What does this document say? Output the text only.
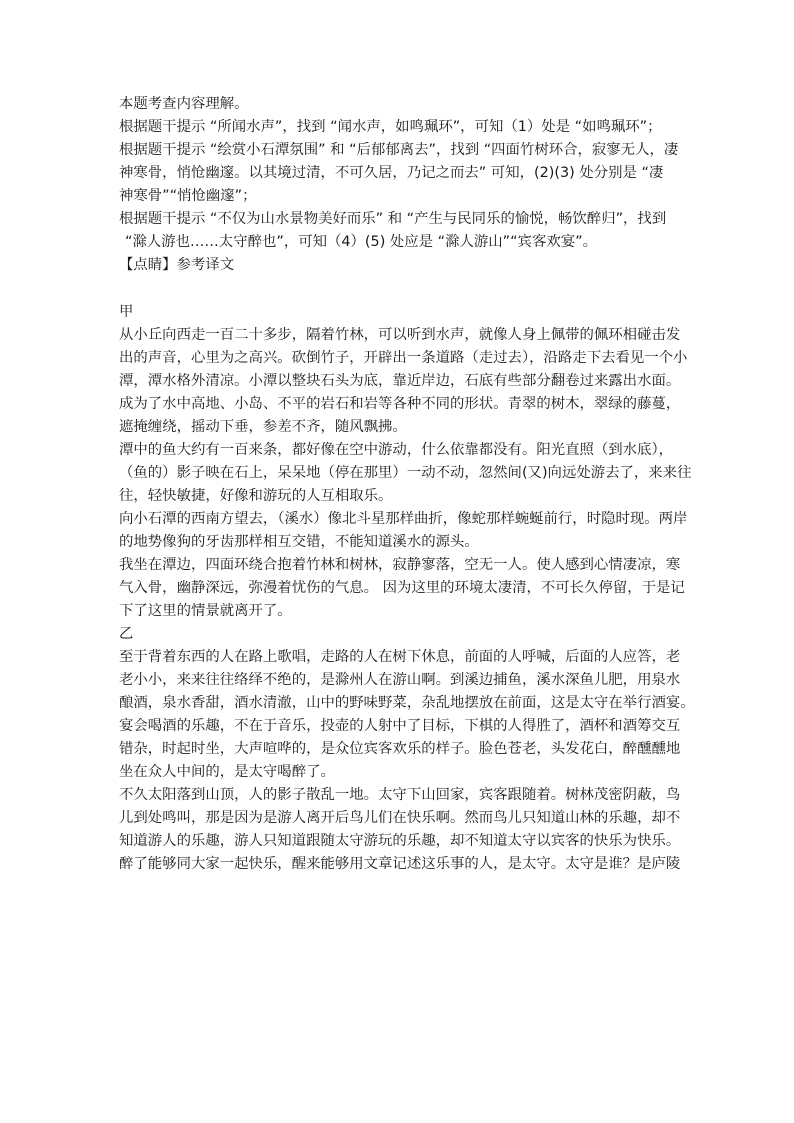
本题考查内容理解。
根据题干提示 “所闻水声”，找到 “闻水声，如鸣珮环”，可知（1）处是 “如鸣珮环”；
根据题干提示 “绘赏小石潭氛围” 和 “后郁郁离去”，找到 “四面竹树环合，寂寥无人，凄
神寒骨，悄怆幽邃。以其境过清，不可久居，乃记之而去” 可知，(2)(3) 处分别是 “凄
神寒骨”“悄怆幽邃”；
根据题干提示 “不仅为山水景物美好而乐” 和 “产生与民同乐的愉悦，畅饮醉归”，找到
“滁人游也……太守醉也”，可知（4）(5) 处应是 “滁人游山”“宾客欢宴”。
【点睛】参考译文
甲
从小丘向西走一百二十多步，隔着竹林，可以听到水声，就像人身上佩带的佩环相碰击发
出的声音，心里为之高兴。砍倒竹子，开辟出一条道路（走过去），沿路走下去看见一个小
潭，潭水格外清凉。小潭以整块石头为底，靠近岸边，石底有些部分翻卷过来露出水面。
成为了水中高地、小岛、不平的岩石和岩等各种不同的形状。青翠的树木，翠绿的藤蔓，
遮掩缠绕，摇动下垂，参差不齐，随风飘拂。
潭中的鱼大约有一百来条，都好像在空中游动，什么依靠都没有。阳光直照（到水底），
（鱼的）影子映在石上，呆呆地（停在那里）一动不动，忽然间(又)向远处游去了，来来往
往，轻快敏捷，好像和游玩的人互相取乐。
向小石潭的西南方望去，（溪水）像北斗星那样曲折，像蛇那样蜿蜒前行，时隐时现。两岸
的地势像狗的牙齿那样相互交错，不能知道溪水的源头。
我坐在潭边，四面环绕合抱着竹林和树林，寂静寥落，空无一人。使人感到心情凄凉，寒
气入骨，幽静深远，弥漫着忧伤的气息。 因为这里的环境太凄清，不可长久停留，于是记
下了这里的情景就离开了。
乙
至于背着东西的人在路上歌唱，走路的人在树下休息，前面的人呼喊，后面的人应答，老
老小小，来来往往络绎不绝的，是滁州人在游山啊。到溪边捕鱼，溪水深鱼儿肥，用泉水
酿酒，泉水香甜，酒水清澈，山中的野味野菜，杂乱地摆放在前面，这是太守在举行酒宴。
宴会喝酒的乐趣，不在于音乐，投壶的人射中了目标，下棋的人得胜了，酒杯和酒筹交互
错杂，时起时坐，大声喧哗的，是众位宾客欢乐的样子。脸色苍老，头发花白，醉醺醺地
坐在众人中间的，是太守喝醉了。
不久太阳落到山顶，人的影子散乱一地。太守下山回家，宾客跟随着。树林茂密阴蔽，鸟
儿到处鸣叫，那是因为是游人离开后鸟儿们在快乐啊。然而鸟儿只知道山林的乐趣，却不
知道游人的乐趣，游人只知道跟随太守游玩的乐趣，却不知道太守以宾客的快乐为快乐。
醉了能够同大家一起快乐，醒来能够用文章记述这乐事的人，是太守。太守是谁？是庐陵
